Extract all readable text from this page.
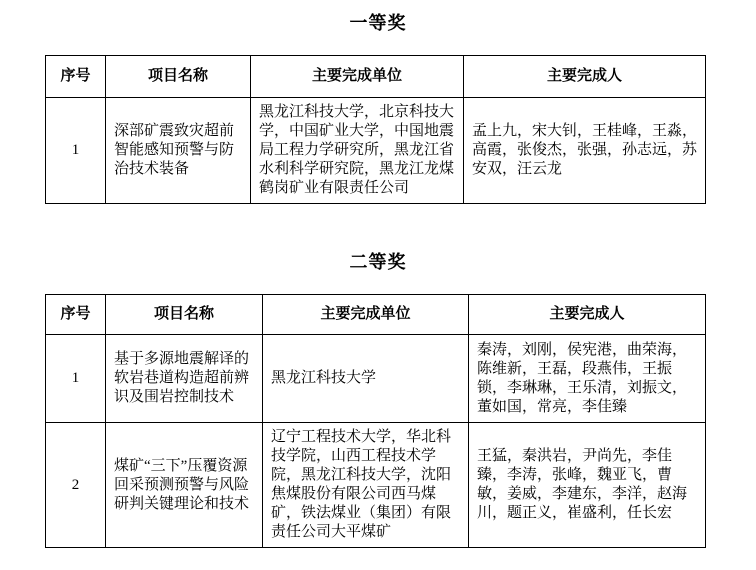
一等奖
序号	项目名称	主要完成单位	主要完成人
1	深部矿震致灾超前智能感知预警与防治技术装备	黑龙江科技大学，北京科技大学，中国矿业大学，中国地震局工程力学研究所，黑龙江省水利科学研究院，黑龙江龙煤鹤岗矿业有限责任公司	孟上九，宋大钊，王桂峰，王淼，高霞，张俊杰，张强，孙志远，苏安双，汪云龙
二等奖
序号	项目名称	主要完成单位	主要完成人
1	基于多源地震解译的软岩巷道构造超前辨识及围岩控制技术	黑龙江科技大学	秦涛，刘刚，侯宪港，曲荣海，陈维新，王磊，段燕伟，王振锁，李琳琳，王乐清，刘振文，董如国，常亮，李佳臻
2	煤矿“三下”压覆资源回采预测预警与风险研判关键理论和技术	辽宁工程技术大学，华北科技学院，山西工程技术学院，黑龙江科技大学，沈阳焦煤股份有限公司西马煤矿，铁法煤业（集团）有限责任公司大平煤矿	王猛，秦洪岩，尹尚先，李佳臻，李涛，张峰，魏亚飞，曹敏，姜威，李建东，李洋，赵海川，题正义，崔盛利，任长宏
